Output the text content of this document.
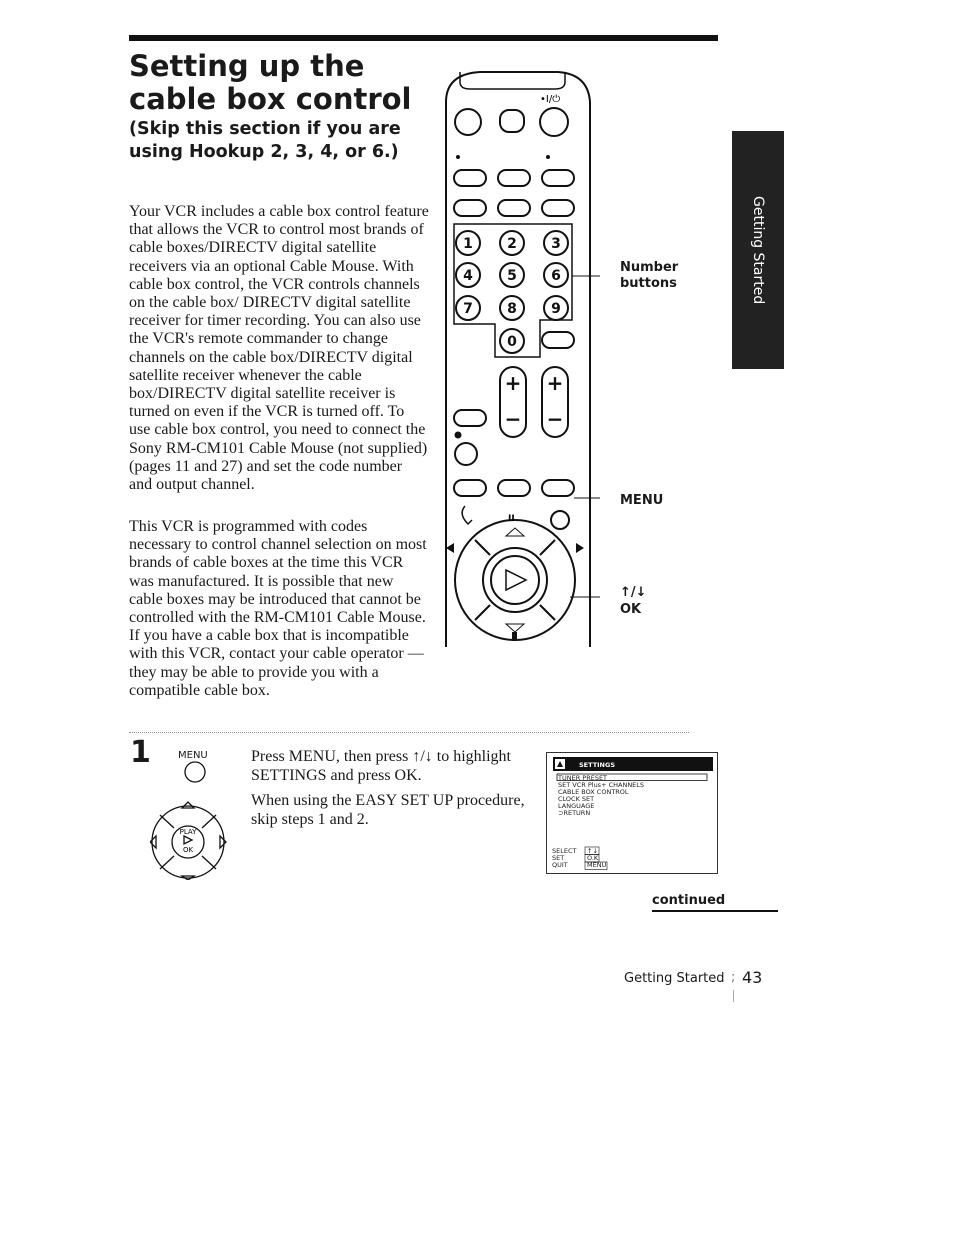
Setting up the cable box control
(Skip this section if you are using Hookup 2, 3, 4, or 6.)

Your VCR includes a cable box control feature that allows the VCR to control most brands of cable boxes/DIRECTV digital satellite receivers via an optional Cable Mouse. With cable box control, the VCR controls channels on the cable box/ DIRECTV digital satellite receiver for timer recording. You can also use the VCR's remote commander to change channels on the cable box/DIRECTV digital satellite receiver whenever the cable box/DIRECTV digital satellite receiver is turned on even if the VCR is turned off. To use cable box control, you need to connect the Sony RM-CM101 Cable Mouse (not supplied) (pages 11 and 27) and set the code number and output channel.

This VCR is programmed with codes necessary to control channel selection on most brands of cable boxes at the time this VCR was manufactured. It is possible that new cable boxes may be introduced that cannot be controlled with the RM-CM101 Cable Mouse. If you have a cable box that is incompatible with this VCR, contact your cable operator — they may be able to provide you with a compatible cable box.

•I/⏻
II
1 2 3
4 5 6
7 8 9
0
+
−
+
−
Number buttons
MENU
↑/↓
OK
Getting Started
1	MENU
PLAY
OK

Press MENU, then press ↑/↓ to highlight SETTINGS and press OK.

When using the EASY SET UP procedure, skip steps 1 and 2.

SETTINGS
TUNER PRESET
SET VCR Plus+ CHANNELS
CABLE BOX CONTROL
CLOCK SET
LANGUAGE
⊃RETURN
SELECT ↑↓
SET	O.K
QUIT	MENU
continued
Getting Started ; 43
